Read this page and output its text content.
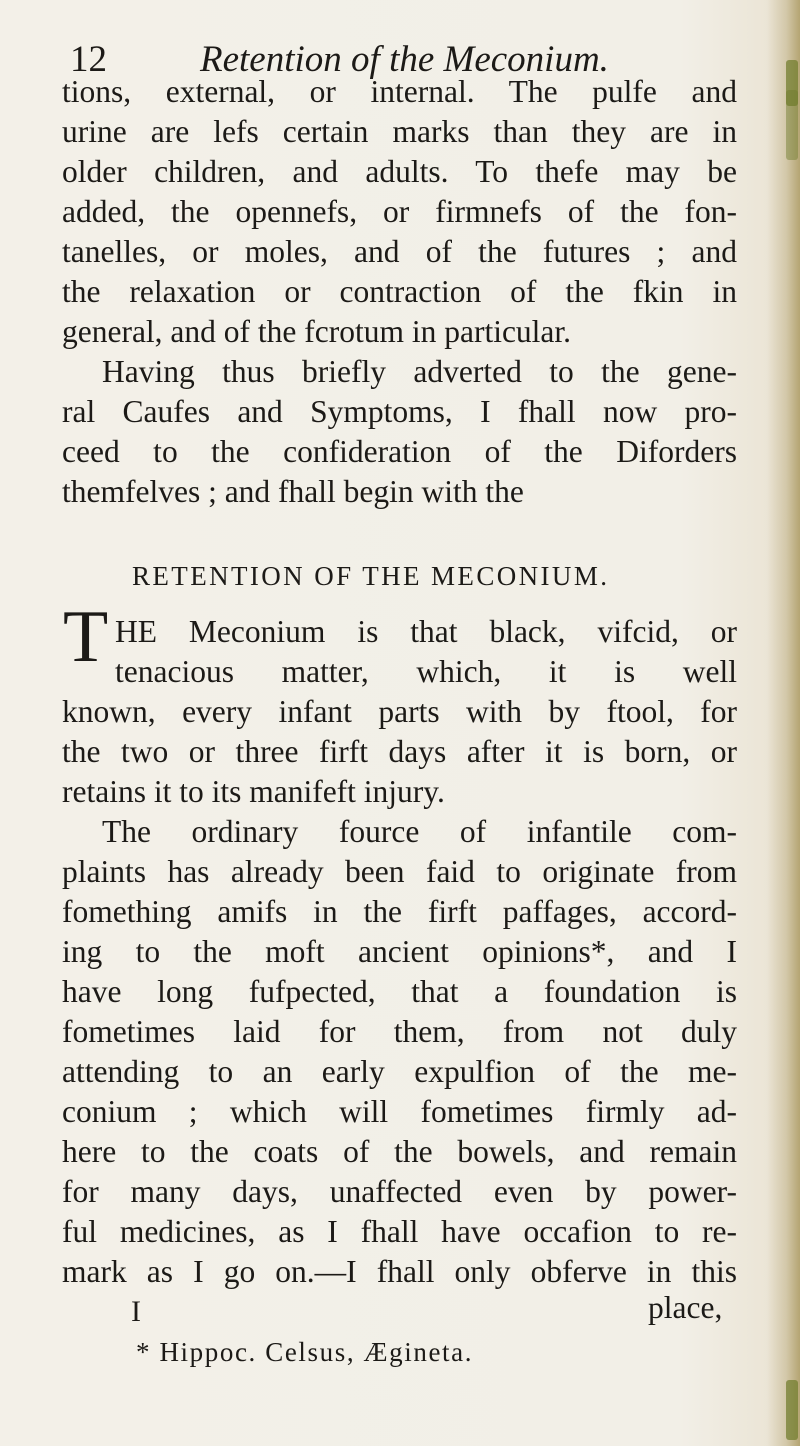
12	Retention of the Meconium.
tions, external, or internal. The pulfe and
urine are lefs certain marks than they are in
older children, and adults. To thefe may be
added, the opennefs, or firmnefs of the fon-
tanelles, or moles, and of the futures ; and
the relaxation or contraction of the fkin in
general, and of the fcrotum in particular.
Having thus briefly adverted to the gene-
ral Caufes and Symptoms, I fhall now pro-
ceed to the confideration of the Diforders
themfelves ; and fhall begin with the
RETENTION OF THE MECONIUM.
T HE Meconium is that black, vifcid, or
tenacious matter, which, it is well
known, every infant parts with by ftool, for
the two or three firft days after it is born, or
retains it to its manifeft injury.
The ordinary fource of infantile com-
plaints has already been faid to originate from
fomething amifs in the firft paffages, accord-
ing to the moft ancient opinions*, and I
have long fufpected, that a foundation is
fometimes laid for them, from not duly
attending to an early expulfion of the me-
conium ; which will fometimes firmly ad-
here to the coats of the bowels, and remain
for many days, unaffected even by power-
ful medicines, as I fhall have occafion to re-
mark as I go on.—I fhall only obferve in this
I	place,
* Hippoc. Celsus, Ægineta.
